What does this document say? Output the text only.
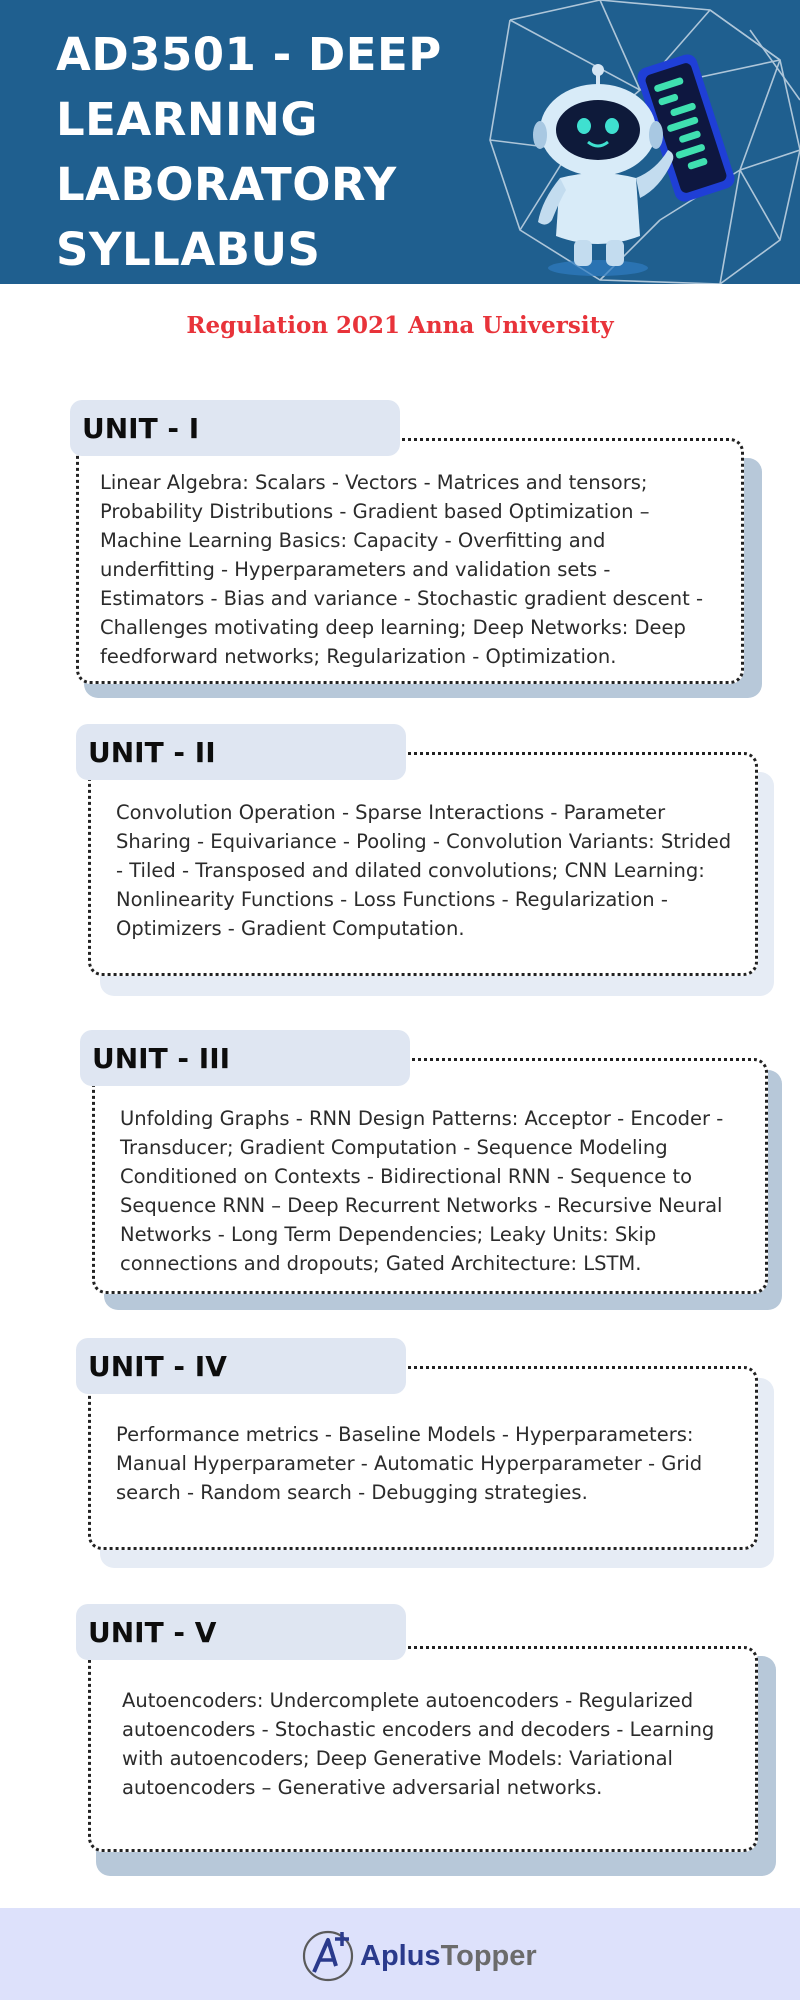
AD3501 - DEEP
LEARNING
LABORATORY
SYLLABUS
Regulation 2021 Anna University
UNIT - I

Linear Algebra: Scalars - Vectors - Matrices and tensors; Probability Distributions - Gradient based Optimization – Machine Learning Basics: Capacity - Overfitting and underfitting - Hyperparameters and validation sets - Estimators - Bias and variance - Stochastic gradient descent - Challenges motivating deep learning; Deep Networks: Deep feedforward networks; Regularization - Optimization.

UNIT - II

Convolution Operation - Sparse Interactions - Parameter Sharing - Equivariance - Pooling - Convolution Variants: Strided - Tiled - Transposed and dilated convolutions; CNN Learning: Nonlinearity Functions - Loss Functions - Regularization - Optimizers - Gradient Computation.

UNIT - III

Unfolding Graphs - RNN Design Patterns: Acceptor - Encoder - Transducer; Gradient Computation - Sequence Modeling Conditioned on Contexts - Bidirectional RNN - Sequence to Sequence RNN – Deep Recurrent Networks - Recursive Neural Networks - Long Term Dependencies; Leaky Units: Skip connections and dropouts; Gated Architecture: LSTM.

UNIT - IV

Performance metrics - Baseline Models - Hyperparameters: Manual Hyperparameter - Automatic Hyperparameter - Grid search - Random search - Debugging strategies.

UNIT - V

Autoencoders: Undercomplete autoencoders - Regularized autoencoders - Stochastic encoders and decoders - Learning with autoencoders; Deep Generative Models: Variational autoencoders – Generative adversarial networks.

AplusTopper
